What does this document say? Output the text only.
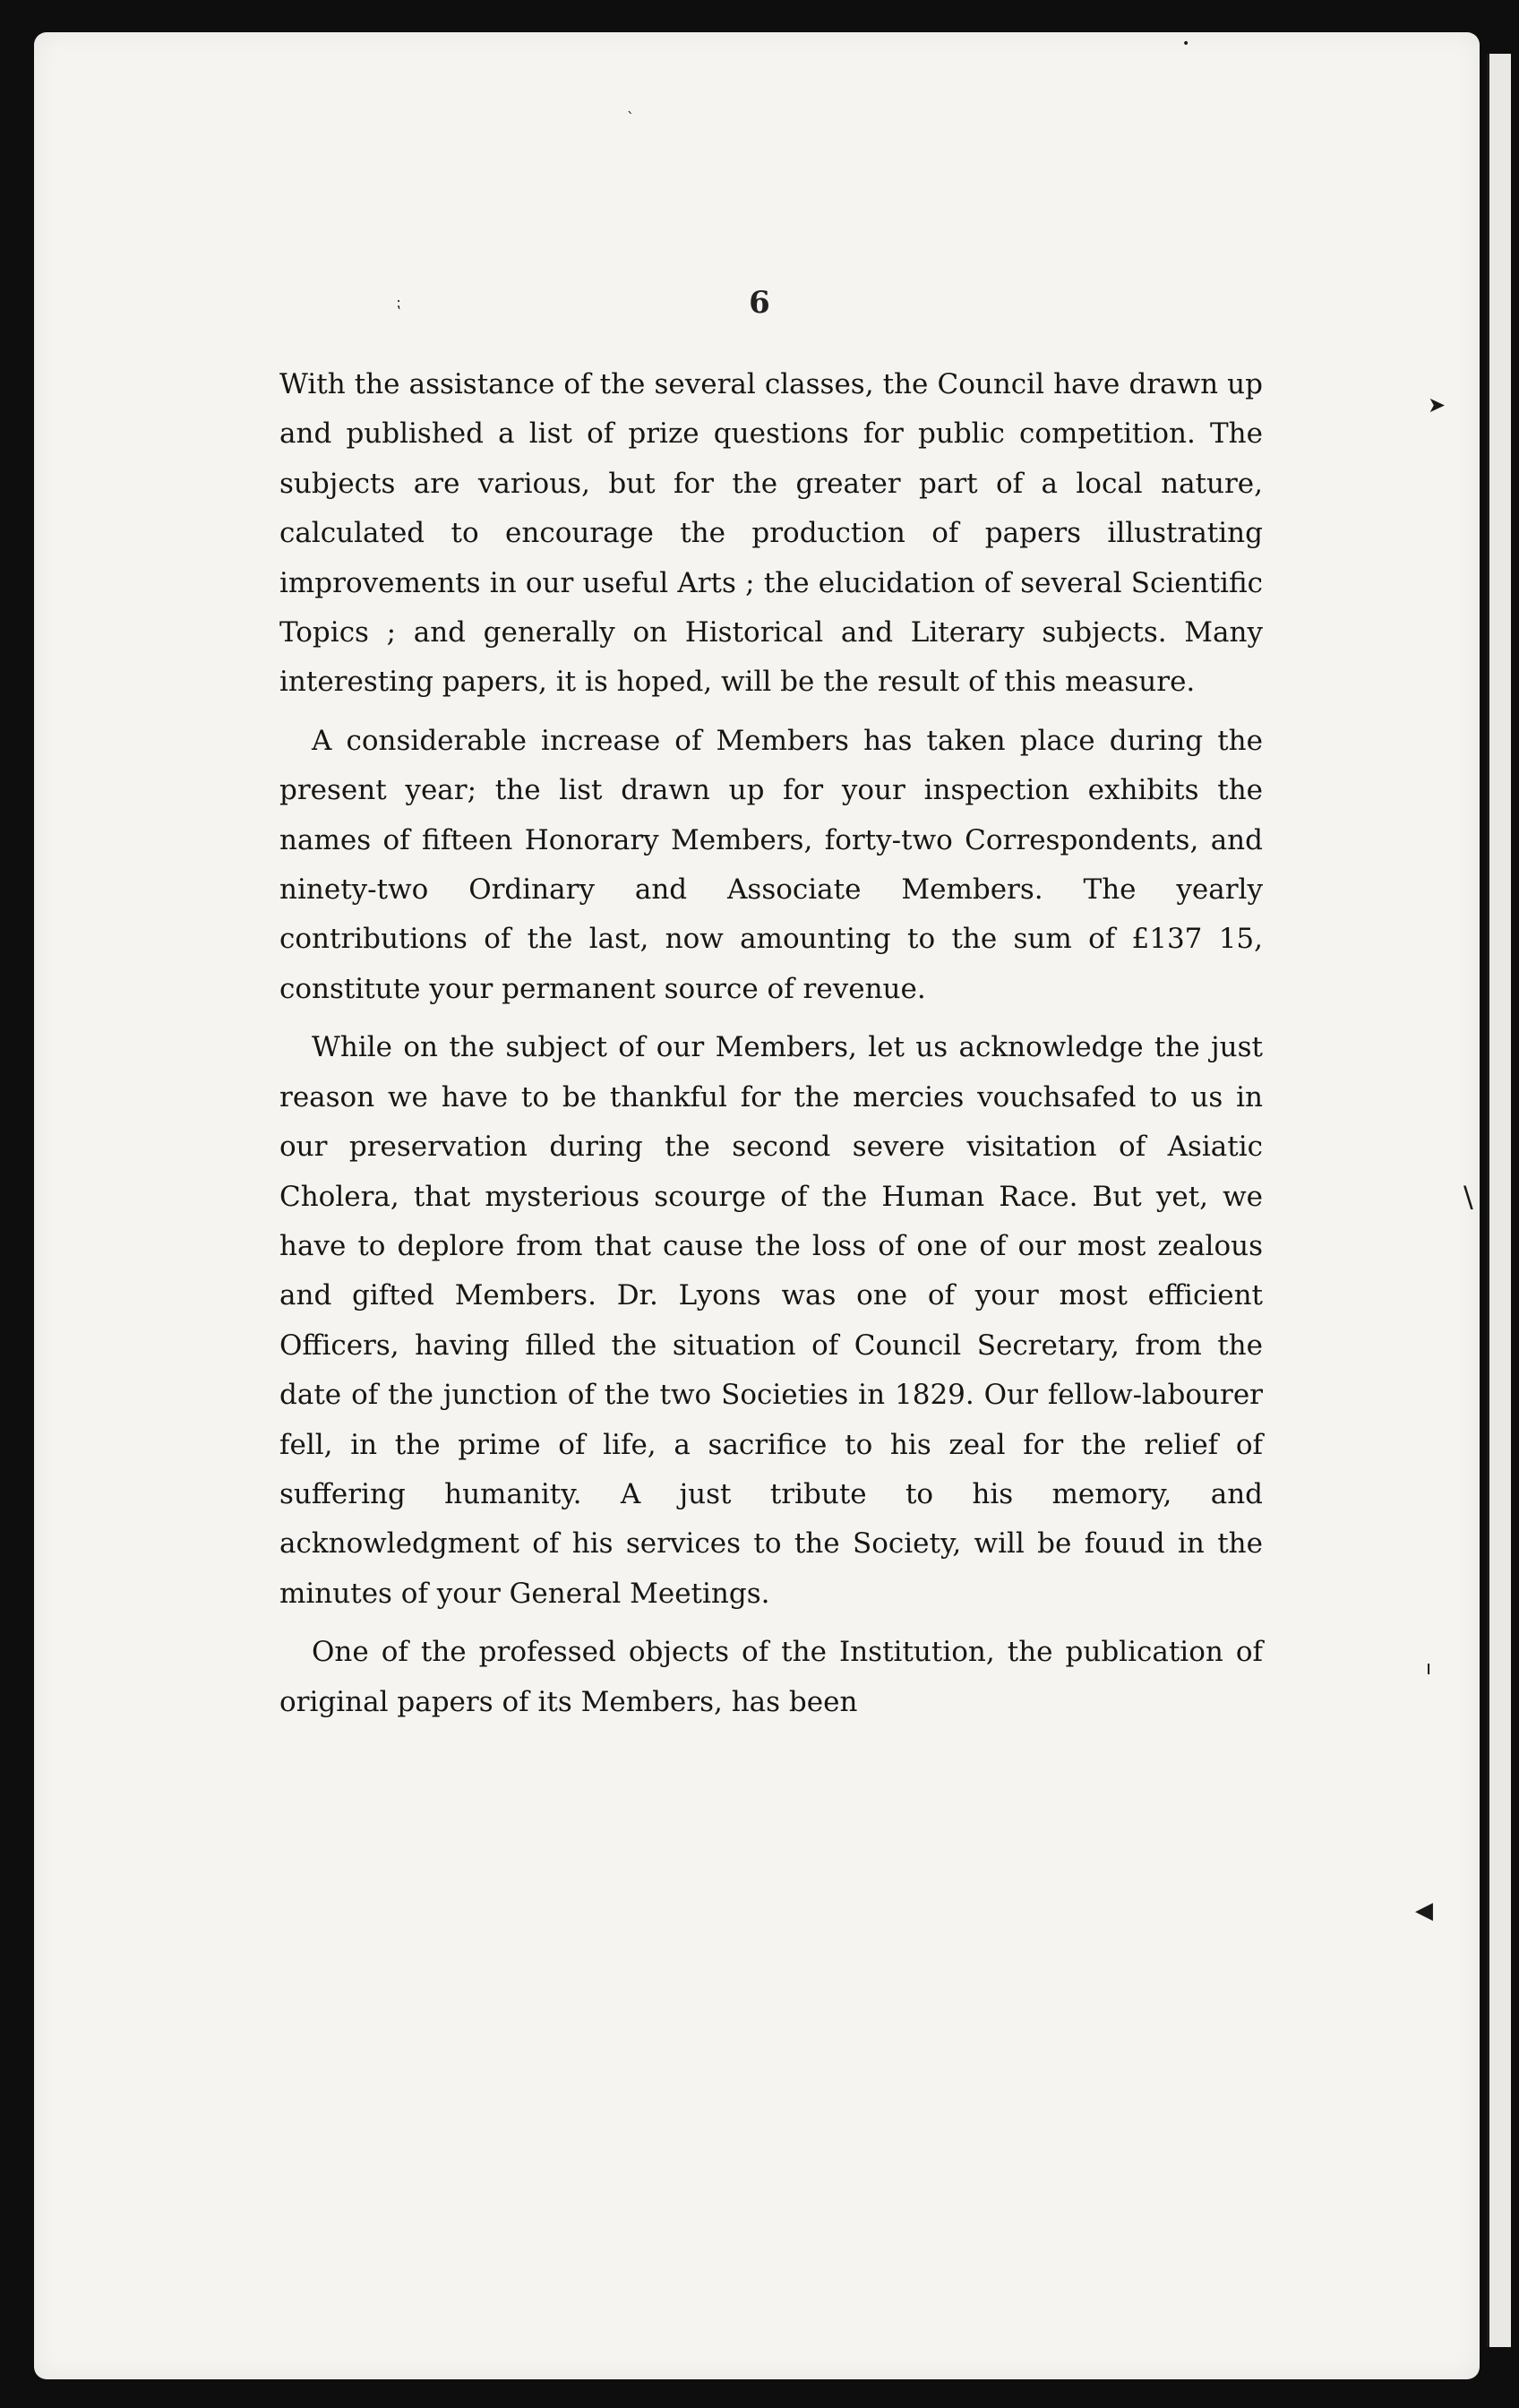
6

With the assistance of the several classes, the Council have drawn up and published a list of prize questions for public competition. The subjects are various, but for the greater part of a local nature, calculated to encourage the production of papers illustrating improvements in our useful Arts ; the elucidation of several Scientific Topics ; and generally on Historical and Literary subjects. Many interesting papers, it is hoped, will be the result of this measure.

A considerable increase of Members has taken place during the present year; the list drawn up for your inspection exhibits the names of fifteen Honorary Members, forty-two Correspondents, and ninety-two Ordinary and Associate Members. The yearly contributions of the last, now amounting to the sum of £137 15, constitute your permanent source of revenue.

While on the subject of our Members, let us acknowledge the just reason we have to be thankful for the mercies vouchsafed to us in our preservation during the second severe visitation of Asiatic Cholera, that mysterious scourge of the Human Race. But yet, we have to deplore from that cause the loss of one of our most zealous and gifted Members. Dr. Lyons was one of your most efficient Officers, having filled the situation of Council Secretary, from the date of the junction of the two Societies in 1829. Our fellow-labourer fell, in the prime of life, a sacrifice to his zeal for the relief of suffering humanity. A just tribute to his memory, and acknowledgment of his services to the Society, will be fouud in the minutes of your General Meetings.

One of the professed objects of the Institution, the publication of original papers of its Members, has been

•
ˎ
⁏
➤
\
ı
◀
